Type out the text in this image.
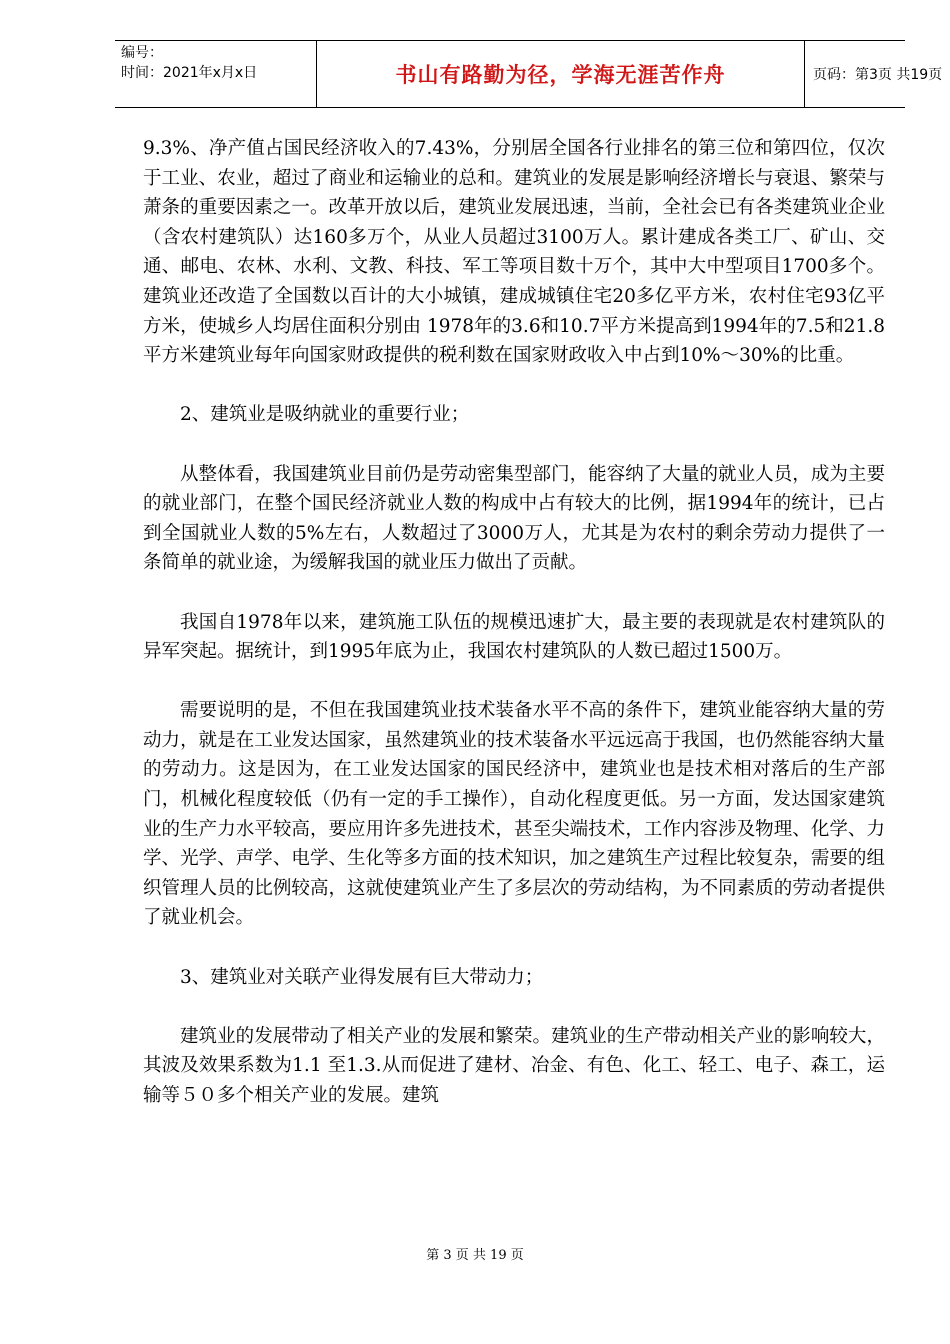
编号：
时间：2021年x月x日	书山有路勤为径，学海无涯苦作舟	页码：第3页 共19页

9.3%、净产值占国民经济收入的7.43%，分别居全国各行业排名的第三位和第四位，仅次于工业、农业，超过了商业和运输业的总和。建筑业的发展是影响经济增长与衰退、繁荣与萧条的重要因素之一。改革开放以后，建筑业发展迅速，当前，全社会已有各类建筑业企业（含农村建筑队）达160多万个，从业人员超过3100万人。累计建成各类工厂、矿山、交通、邮电、农林、水利、文教、科技、军工等项目数十万个，其中大中型项目1700多个。建筑业还改造了全国数以百计的大小城镇，建成城镇住宅20多亿平方米，农村住宅93亿平方米，使城乡人均居住面积分别由 1978年的3.6和10.7平方米提高到1994年的7.5和21.8平方米建筑业每年向国家财政提供的税利数在国家财政收入中占到10%～30%的比重。

2、建筑业是吸纳就业的重要行业；

从整体看，我国建筑业目前仍是劳动密集型部门，能容纳了大量的就业人员，成为主要的就业部门，在整个国民经济就业人数的构成中占有较大的比例，据1994年的统计，已占到全国就业人数的5%左右，人数超过了3000万人，尤其是为农村的剩余劳动力提供了一条简单的就业途，为缓解我国的就业压力做出了贡献。

我国自1978年以来，建筑施工队伍的规模迅速扩大，最主要的表现就是农村建筑队的异军突起。据统计，到1995年底为止，我国农村建筑队的人数已超过1500万。

需要说明的是，不但在我国建筑业技术装备水平不高的条件下，建筑业能容纳大量的劳动力，就是在工业发达国家，虽然建筑业的技术装备水平远远高于我国，也仍然能容纳大量的劳动力。这是因为，在工业发达国家的国民经济中，建筑业也是技术相对落后的生产部门，机械化程度较低（仍有一定的手工操作），自动化程度更低。另一方面，发达国家建筑业的生产力水平较高，要应用许多先进技术，甚至尖端技术，工作内容涉及物理、化学、力学、光学、声学、电学、生化等多方面的技术知识，加之建筑生产过程比较复杂，需要的组织管理人员的比例较高，这就使建筑业产生了多层次的劳动结构，为不同素质的劳动者提供了就业机会。

3、建筑业对关联产业得发展有巨大带动力；

建筑业的发展带动了相关产业的发展和繁荣。建筑业的生产带动相关产业的影响较大，其波及效果系数为1.1 至1.3.从而促进了建材、冶金、有色、化工、轻工、电子、森工，运输等５０多个相关产业的发展。建筑

第 3 页 共 19 页
